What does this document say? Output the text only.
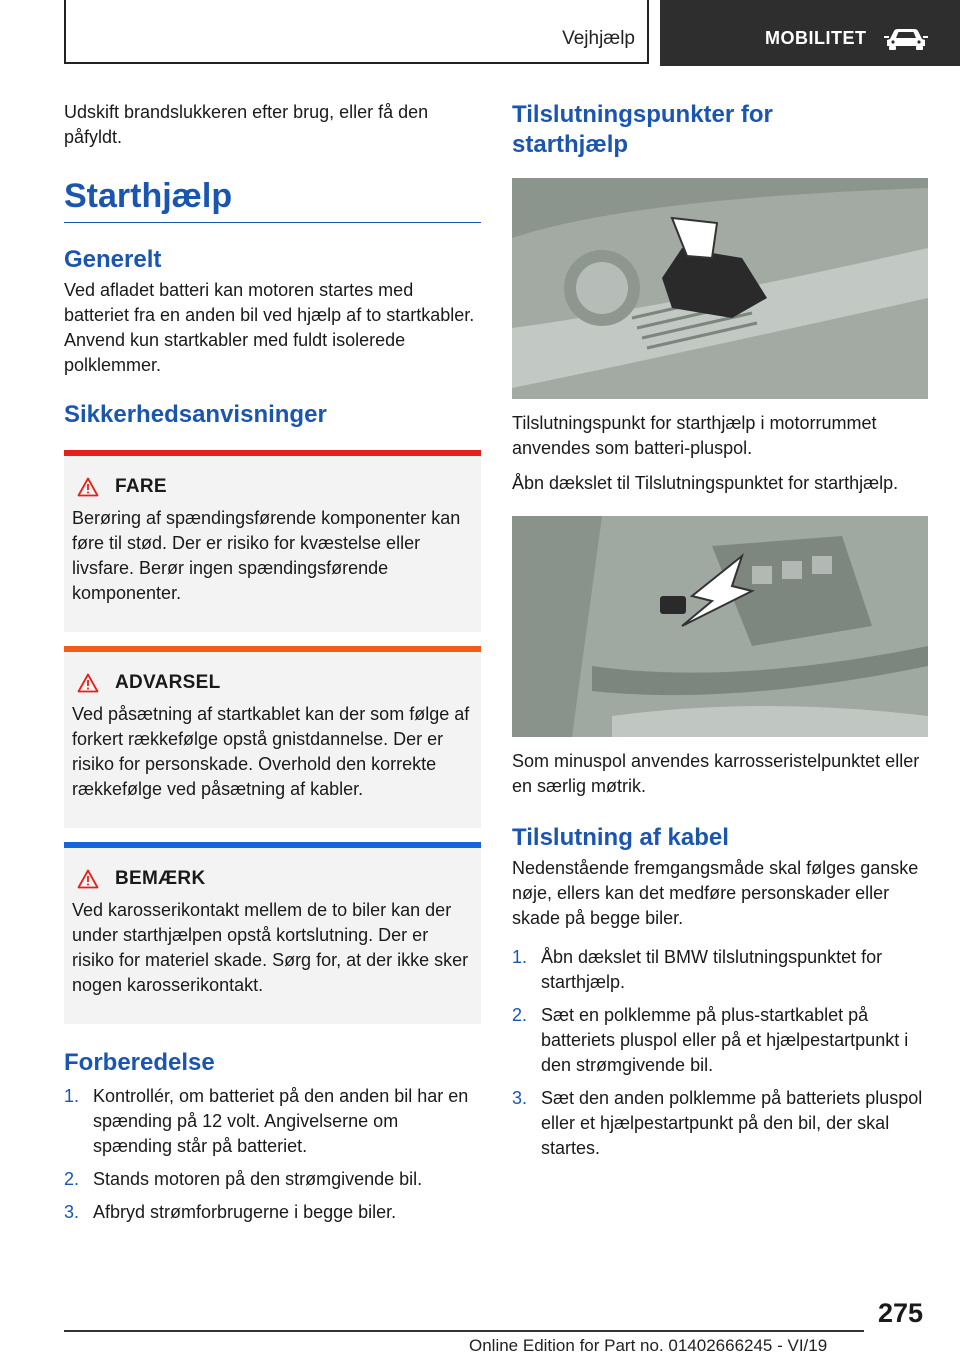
Vejhjælp	MOBILITET

Udskift brandslukkeren efter brug, eller få den påfyldt.

Starthjælp
Generelt

Ved afladet batteri kan motoren startes med batteriet fra en anden bil ved hjælp af to startkabler. Anvend kun startkabler med fuldt isolerede polklemmer.

Sikkerhedsanvisninger
FARE

Berøring af spændingsførende komponenter kan føre til stød. Der er risiko for kvæstelse eller livsfare. Berør ingen spændingsførende komponenter.

ADVARSEL

Ved påsætning af startkablet kan der som følge af forkert rækkefølge opstå gnistdannelse. Der er risiko for personskade. Overhold den korrekte rækkefølge ved påsætning af kabler.

BEMÆRK

Ved karosserikontakt mellem de to biler kan der under starthjælpen opstå kortslutning. Der er risiko for materiel skade. Sørg for, at der ikke sker nogen karosserikontakt.

Forberedelse
1. Kontrollér, om batteriet på den anden bil har en spænding på 12 volt. Angivelserne om spænding står på batteriet.
2. Stands motoren på den strømgivende bil.
3. Afbryd strømforbrugerne i begge biler.
Tilslutningspunkter for starthjælp

Tilslutningspunkt for starthjælp i motorrummet anvendes som batteri-pluspol.

Åbn dækslet til Tilslutningspunktet for starthjælp.

Som minuspol anvendes karrosseristelpunktet eller en særlig møtrik.

Tilslutning af kabel

Nedenstående fremgangsmåde skal følges ganske nøje, ellers kan det medføre personskader eller skade på begge biler.

1. Åbn dækslet til BMW tilslutningspunktet for starthjælp.
2. Sæt en polklemme på plus-startkablet på batteriets pluspol eller på et hjælpestartpunkt i den strømgivende bil.
3. Sæt den anden polklemme på batteriets pluspol eller et hjælpestartpunkt på den bil, der skal startes.
275
Online Edition for Part no. 01402666245 - VI/19
